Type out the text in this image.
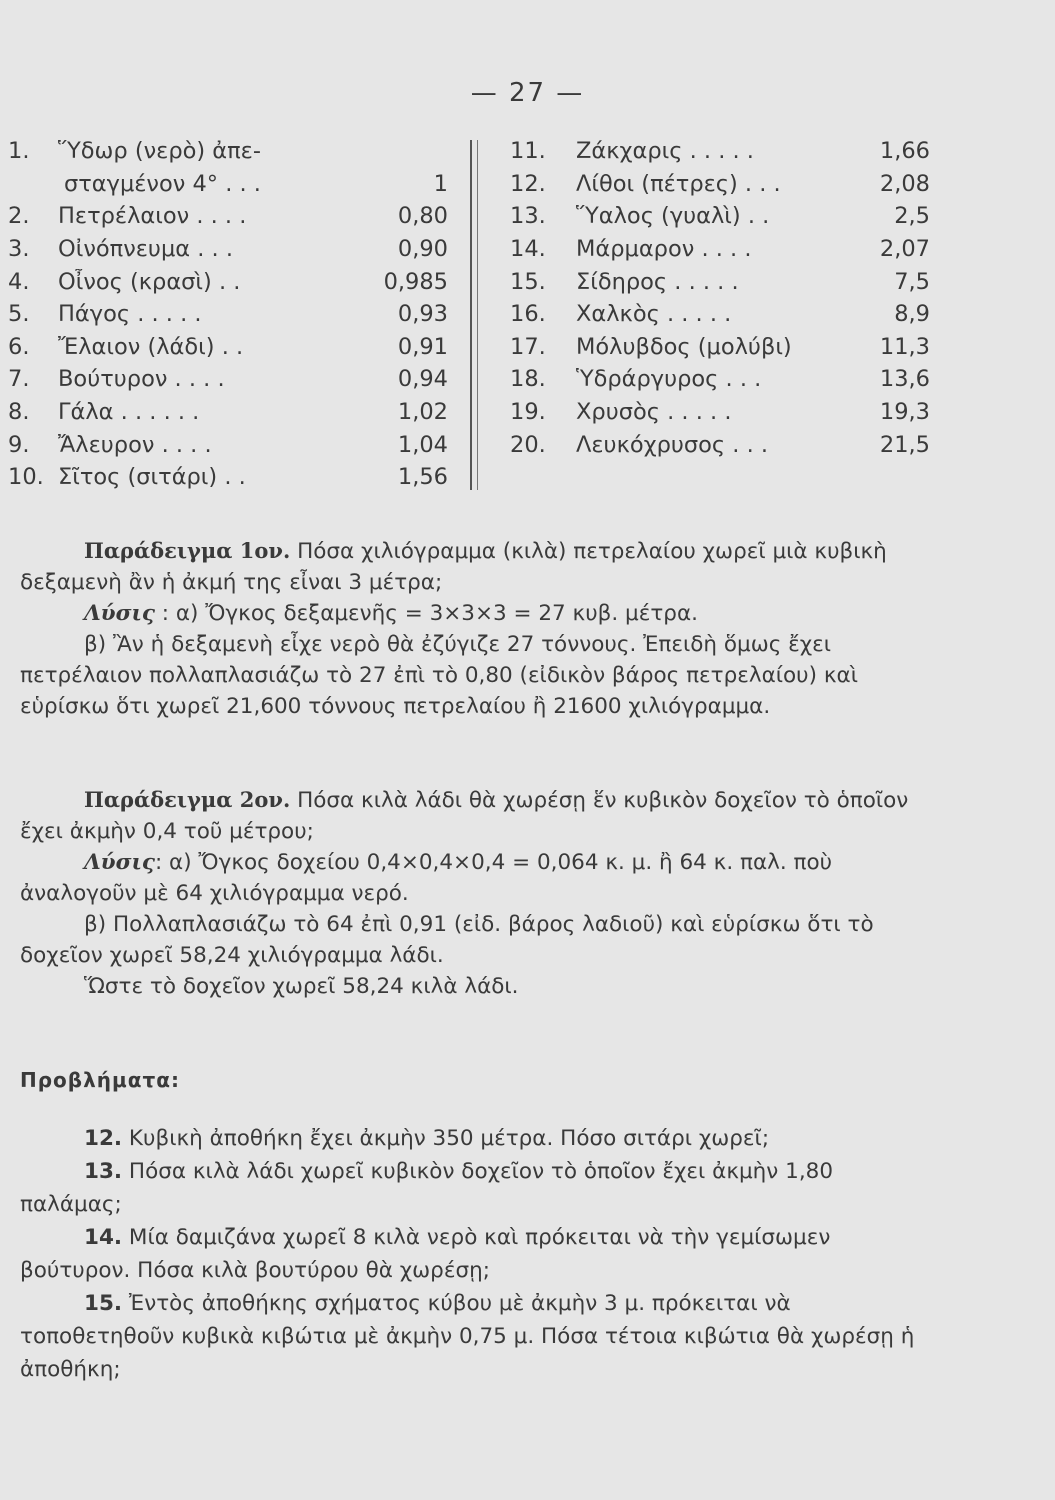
— 27 —
1.	Ὕδωρ (νερὸ) ἀπε-
σταγμένον 4° . . .	1
2.	Πετρέλαιον . . . .	0,80
3.	Οἰνόπνευμα . . .	0,90
4.	Οἶνος (κρασὶ) . .	0,985
5.	Πάγος . . . . .	0,93
6.	Ἔλαιον (λάδι) . .	0,91
7.	Βούτυρον . . . .	0,94
8.	Γάλα . . . . . .	1,02
9.	Ἄλευρον . . . .	1,04
10. Σῖτος (σιτάρι) . .	1,56
11.	Ζάκχαρις . . . . .	1,66
12.	Λίθοι (πέτρες) . . .	2,08
13.	Ὕαλος (γυαλὶ) . .	2,5
14.	Μάρμαρον . . . .	2,07
15.	Σίδηρος . . . . .	7,5
16.	Χαλκὸς . . . . .	8,9
17.	Μόλυβδος (μολύβι)	11,3
18.	Ὑδράργυρος . . .	13,6
19.	Χρυσὸς . . . . .	19,3
20.	Λευκόχρυσος . . .	21,5

Παράδειγμα 1ον. Πόσα χιλιόγραμμα (κιλὰ) πετρελαίου χωρεῖ μιὰ κυβικὴ δεξαμενὴ ἂν ἡ ἀκμή της εἶναι 3 μέτρα;

Λύσις : α) Ὄγκος δεξαμενῆς = 3×3×3 = 27 κυβ. μέτρα.

β) Ἂν ἡ δεξαμενὴ εἶχε νερὸ θὰ ἐζύγιζε 27 τόννους. Ἐπειδὴ ὅμως ἔχει πετρέλαιον πολλαπλασιάζω τὸ 27 ἐπὶ τὸ 0,80 (εἰδικὸν βάρος πετρελαίου) καὶ εὑρίσκω ὅτι χωρεῖ 21,600 τόννους πετρελαίου ἢ 21600 χιλιόγραμμα.

Παράδειγμα 2ον. Πόσα κιλὰ λάδι θὰ χωρέσῃ ἕν κυβικὸν δοχεῖον τὸ ὁποῖον ἔχει ἀκμὴν 0,4 τοῦ μέτρου;

Λύσις: α) Ὄγκος δοχείου 0,4×0,4×0,4 = 0,064 κ. μ. ἢ 64 κ. παλ. ποὺ ἀναλογοῦν μὲ 64 χιλιόγραμμα νερό.

β) Πολλαπλασιάζω τὸ 64 ἐπὶ 0,91 (εἰδ. βάρος λαδιοῦ) καὶ εὑρίσκω ὅτι τὸ δοχεῖον χωρεῖ 58,24 χιλιόγραμμα λάδι.

Ὥστε τὸ δοχεῖον χωρεῖ 58,24 κιλὰ λάδι.

Προβλήματα:

12. Κυβικὴ ἀποθήκη ἔχει ἀκμὴν 350 μέτρα. Πόσο σιτάρι χωρεῖ;

13. Πόσα κιλὰ λάδι χωρεῖ κυβικὸν δοχεῖον τὸ ὁποῖον ἔχει ἀκμὴν 1,80 παλάμας;

14. Μία δαμιζάνα χωρεῖ 8 κιλὰ νερὸ καὶ πρόκειται νὰ τὴν γεμίσωμεν βούτυρον. Πόσα κιλὰ βουτύρου θὰ χωρέσῃ;

15. Ἐντὸς ἀποθήκης σχήματος κύβου μὲ ἀκμὴν 3 μ. πρόκειται νὰ τοποθετηθοῦν κυβικὰ κιβώτια μὲ ἀκμὴν 0,75 μ. Πόσα τέτοια κιβώτια θὰ χωρέσῃ ἡ ἀποθήκη;
